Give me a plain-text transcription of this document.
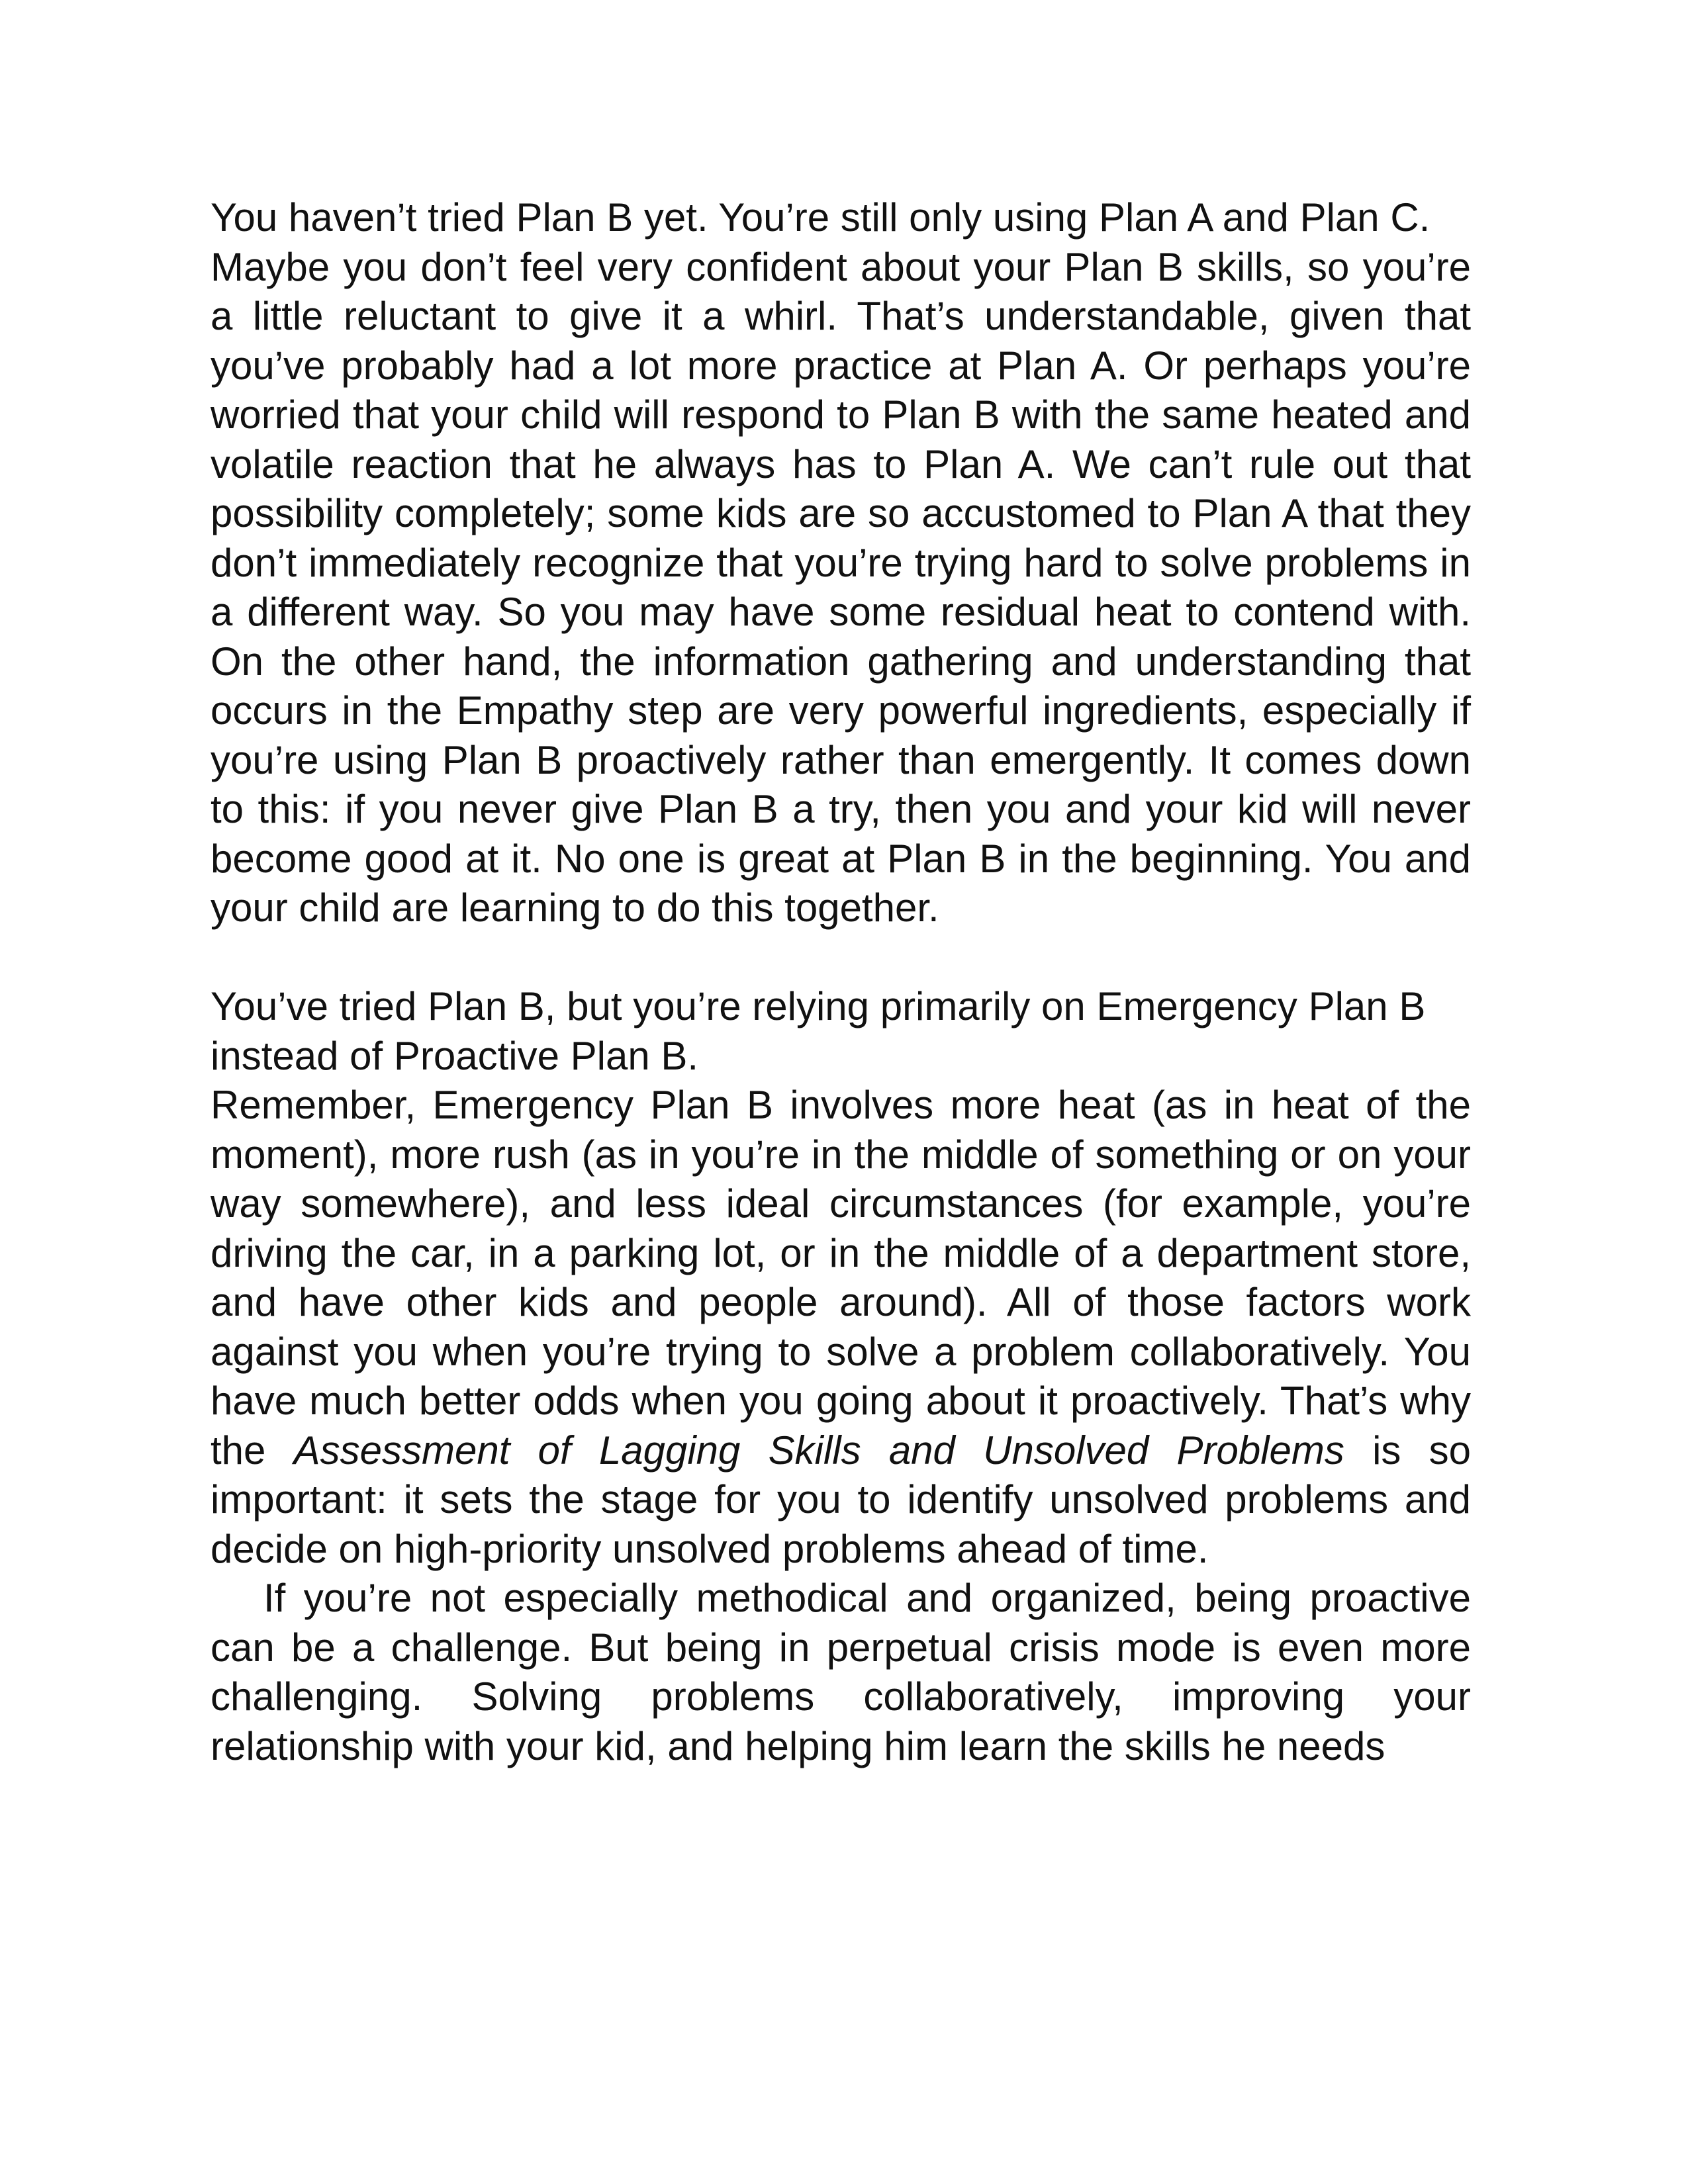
You haven’t tried Plan B yet. You’re still only using Plan A and Plan C.

Maybe you don’t feel very confident about your Plan B skills, so you’re a little reluctant to give it a whirl. That’s understandable, given that you’ve probably had a lot more practice at Plan A. Or perhaps you’re worried that your child will respond to Plan B with the same heated and volatile reaction that he always has to Plan A. We can’t rule out that possibility completely; some kids are so accustomed to Plan A that they don’t immediately recognize that you’re trying hard to solve problems in a different way. So you may have some residual heat to contend with. On the other hand, the information gathering and understanding that occurs in the Empathy step are very powerful ingredients, especially if you’re using Plan B proactively rather than emergently. It comes down to this: if you never give Plan B a try, then you and your kid will never become good at it. No one is great at Plan B in the beginning. You and your child are learning to do this together.

You’ve tried Plan B, but you’re relying primarily on Emergency Plan B instead of Proactive Plan B.

Remember, Emergency Plan B involves more heat (as in heat of the moment), more rush (as in you’re in the middle of something or on your way somewhere), and less ideal circumstances (for example, you’re driving the car, in a parking lot, or in the middle of a department store, and have other kids and people around). All of those factors work against you when you’re trying to solve a problem collaboratively. You have much better odds when you going about it proactively. That’s why the Assessment of Lagging Skills and Unsolved Problems is so important: it sets the stage for you to identify unsolved problems and decide on high-priority unsolved problems ahead of time.

If you’re not especially methodical and organized, being proactive can be a challenge. But being in perpetual crisis mode is even more challenging. Solving problems collaboratively, improving your relationship with your kid, and helping him learn the skills he needs
